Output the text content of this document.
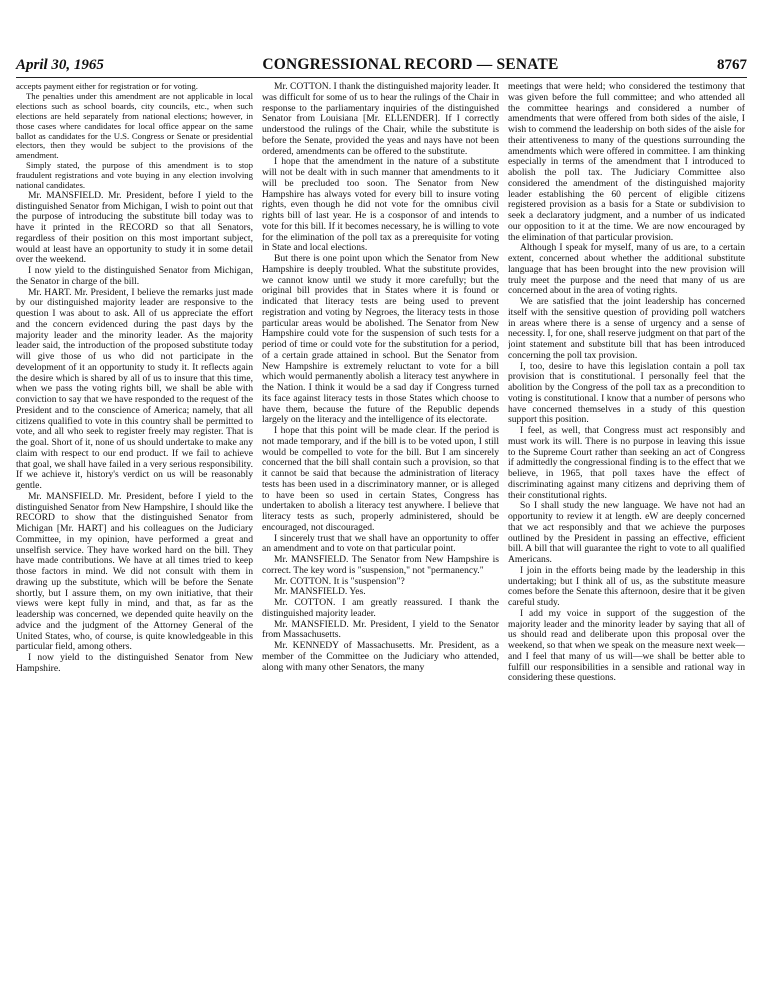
April 30, 1965	CONGRESSIONAL RECORD — SENATE	8767

accepts payment either for registration or for voting.

The penalties under this amendment are not applicable in local elections such as school boards, city councils, etc., when such elections are held separately from national elections; however, in those cases where candidates for local office appear on the same ballot as candidates for the U.S. Congress or Senate or presidential electors, then they would be subject to the provisions of the amendment.

Simply stated, the purpose of this amendment is to stop fraudulent registrations and vote buying in any election involving national candidates.

Mr. MANSFIELD. Mr. President, before I yield to the distinguished Senator from Michigan, I wish to point out that the purpose of introducing the substitute bill today was to have it printed in the RECORD so that all Senators, regardless of their position on this most important subject, would at least have an opportunity to study it in some detail over the weekend.

I now yield to the distinguished Senator from Michigan, the Senator in charge of the bill.

Mr. HART. Mr. President, I believe the remarks just made by our distinguished majority leader are responsive to the question I was about to ask. All of us appreciate the effort and the concern evidenced during the past days by the majority leader and the minority leader. As the majority leader said, the introduction of the proposed substitute today will give those of us who did not participate in the development of it an opportunity to study it. It reflects again the desire which is shared by all of us to insure that this time, when we pass the voting rights bill, we shall be able with conviction to say that we have responded to the request of the President and to the conscience of America; namely, that all citizens qualified to vote in this country shall be permitted to vote, and all who seek to register freely may register. That is the goal. Short of it, none of us should undertake to make any claim with respect to our end product. If we fail to achieve that goal, we shall have failed in a very serious responsibility. If we achieve it, history's verdict on us will be reasonably gentle.

Mr. MANSFIELD. Mr. President, before I yield to the distinguished Senator from New Hampshire, I should like the RECORD to show that the distinguished Senator from Michigan [Mr. HART] and his colleagues on the Judiciary Committee, in my opinion, have performed a great and unselfish service. They have worked hard on the bill. They have made contributions. We have at all times tried to keep those factors in mind. We did not consult with them in drawing up the substitute, which will be before the Senate shortly, but I assure them, on my own initiative, that their views were kept fully in mind, and that, as far as the leadership was concerned, we depended quite heavily on the advice and the judgment of the Attorney General of the United States, who, of course, is quite knowledgeable in this particular field, among others.

I now yield to the distinguished Senator from New Hampshire.

Mr. COTTON. I thank the distinguished majority leader. It was difficult for some of us to hear the rulings of the Chair in response to the parliamentary inquiries of the distinguished Senator from Louisiana [Mr. ELLENDER]. If I correctly understood the rulings of the Chair, while the substitute is before the Senate, provided the yeas and nays have not been ordered, amendments can be offered to the substitute.

I hope that the amendment in the nature of a substitute will not be dealt with in such manner that amendments to it will be precluded too soon. The Senator from New Hampshire has always voted for every bill to insure voting rights, even though he did not vote for the omnibus civil rights bill of last year. He is a cosponsor of and intends to vote for this bill. If it becomes necessary, he is willing to vote for the elimination of the poll tax as a prerequisite for voting in State and local elections.

But there is one point upon which the Senator from New Hampshire is deeply troubled. What the substitute provides, we cannot know until we study it more carefully; but the original bill provides that in States where it is found or indicated that literacy tests are being used to prevent registration and voting by Negroes, the literacy tests in those particular areas would be abolished. The Senator from New Hampshire could vote for the suspension of such tests for a period of time or could vote for the substitution for a period, of a certain grade attained in school. But the Senator from New Hampshire is extremely reluctant to vote for a bill which would permanently abolish a literacy test anywhere in the Nation. I think it would be a sad day if Congress turned its face against literacy tests in those States which choose to have them, because the future of the Republic depends largely on the literacy and the intelligence of its electorate.

I hope that this point will be made clear. If the period is not made temporary, and if the bill is to be voted upon, I still would be compelled to vote for the bill. But I am sincerely concerned that the bill shall contain such a provision, so that it cannot be said that because the administration of literacy tests has been used in a discriminatory manner, or is alleged to have been so used in certain States, Congress has undertaken to abolish a literacy test anywhere. I believe that literacy tests as such, properly administered, should be encouraged, not discouraged.

I sincerely trust that we shall have an opportunity to offer an amendment and to vote on that particular point.

Mr. MANSFIELD. The Senator from New Hampshire is correct. The key word is "suspension," not "permanency."

Mr. COTTON. It is "suspension"?

Mr. MANSFIELD. Yes.

Mr. COTTON. I am greatly reassured. I thank the distinguished majority leader.

Mr. MANSFIELD. Mr. President, I yield to the Senator from Massachusetts.

Mr. KENNEDY of Massachusetts. Mr. President, as a member of the Committee on the Judiciary who attended, along with many other Senators, the many

meetings that were held; who considered the testimony that was given before the full committee; and who attended all the committee hearings and considered a number of amendments that were offered from both sides of the aisle, I wish to commend the leadership on both sides of the aisle for their attentiveness to many of the questions surrounding the amendments which were offered in committee. I am thinking especially in terms of the amendment that I introduced to abolish the poll tax. The Judiciary Committee also considered the amendment of the distinguished majority leader establishing the 60 percent of eligible citizens registered provision as a basis for a State or subdivision to seek a declaratory judgment, and a number of us indicated our opposition to it at the time. We are now encouraged by the elimination of that particular provision.

Although I speak for myself, many of us are, to a certain extent, concerned about whether the additional substitute language that has been brought into the new provision will truly meet the purpose and the need that many of us are concerned about in the area of voting rights.

We are satisfied that the joint leadership has concerned itself with the sensitive question of providing poll watchers in areas where there is a sense of urgency and a sense of necessity. I, for one, shall reserve judgment on that part of the joint statement and substitute bill that has been introduced concerning the poll tax provision.

I, too, desire to have this legislation contain a poll tax provision that is constitutional. I personally feel that the abolition by the Congress of the poll tax as a precondition to voting is constitutional. I know that a number of persons who have concerned themselves in a study of this question support this position.

I feel, as well, that Congress must act responsibly and must work its will. There is no purpose in leaving this issue to the Supreme Court rather than seeking an act of Congress if admittedly the congressional finding is to the effect that we believe, in 1965, that poll taxes have the effect of discriminating against many citizens and depriving them of their constitutional rights.

So I shall study the new language. We have not had an opportunity to review it at length. eW are deeply concerned that we act responsibly and that we achieve the purposes outlined by the President in passing an effective, efficient bill. A bill that will guarantee the right to vote to all qualified Americans.

I join in the efforts being made by the leadership in this undertaking; but I think all of us, as the substitute measure comes before the Senate this afternoon, desire that it be given careful study.

I add my voice in support of the suggestion of the majority leader and the minority leader by saying that all of us should read and deliberate upon this proposal over the weekend, so that when we speak on the measure next week—and I feel that many of us will—we shall be better able to fulfill our responsibilities in a sensible and rational way in considering these questions.
